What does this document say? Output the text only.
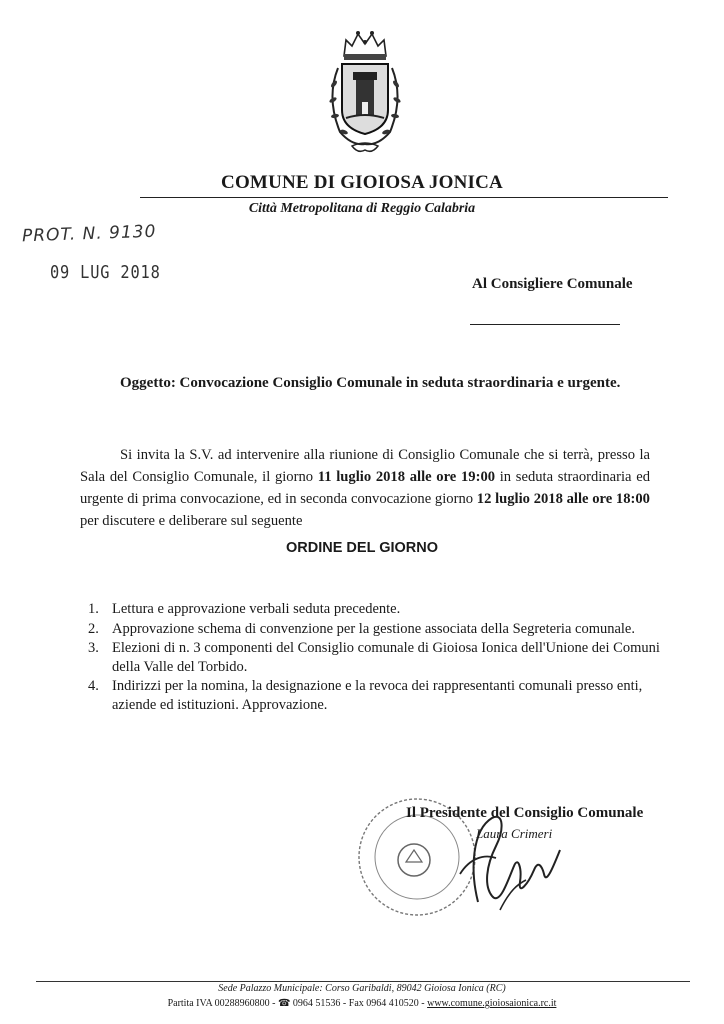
COMUNE DI GIOIOSA JONICA
Città Metropolitana di Reggio Calabria
PROT. N. 9130
09 LUG 2018
Al Consigliere Comunale
Oggetto: Convocazione Consiglio Comunale in seduta straordinaria e urgente.

Si invita la S.V. ad intervenire alla riunione di Consiglio Comunale che si terrà, presso la Sala del Consiglio Comunale, il giorno 11 luglio 2018 alle ore 19:00 in seduta straordinaria ed urgente di prima convocazione, ed in seconda convocazione giorno 12 luglio 2018 alle ore 18:00 per discutere e deliberare sul seguente

ORDINE DEL GIORNO
1. Lettura e approvazione verbali seduta precedente.
2. Approvazione schema di convenzione per la gestione associata della Segreteria comunale.
3. Elezioni di n. 3 componenti del Consiglio comunale di Gioiosa Ionica dell'Unione dei Comuni della Valle del Torbido.
4. Indirizzi per la nomina, la designazione e la revoca dei rappresentanti comunali presso enti, aziende ed istituzioni. Approvazione.
Il Presidente del Consiglio Comunale
Laura Crimeri
Sede Palazzo Municipale: Corso Garibaldi, 89042 Gioiosa Ionica (RC)
Partita IVA 00288960800 - ☎ 0964 51536 - Fax 0964 410520 - www.comune.gioiosaionica.rc.it
